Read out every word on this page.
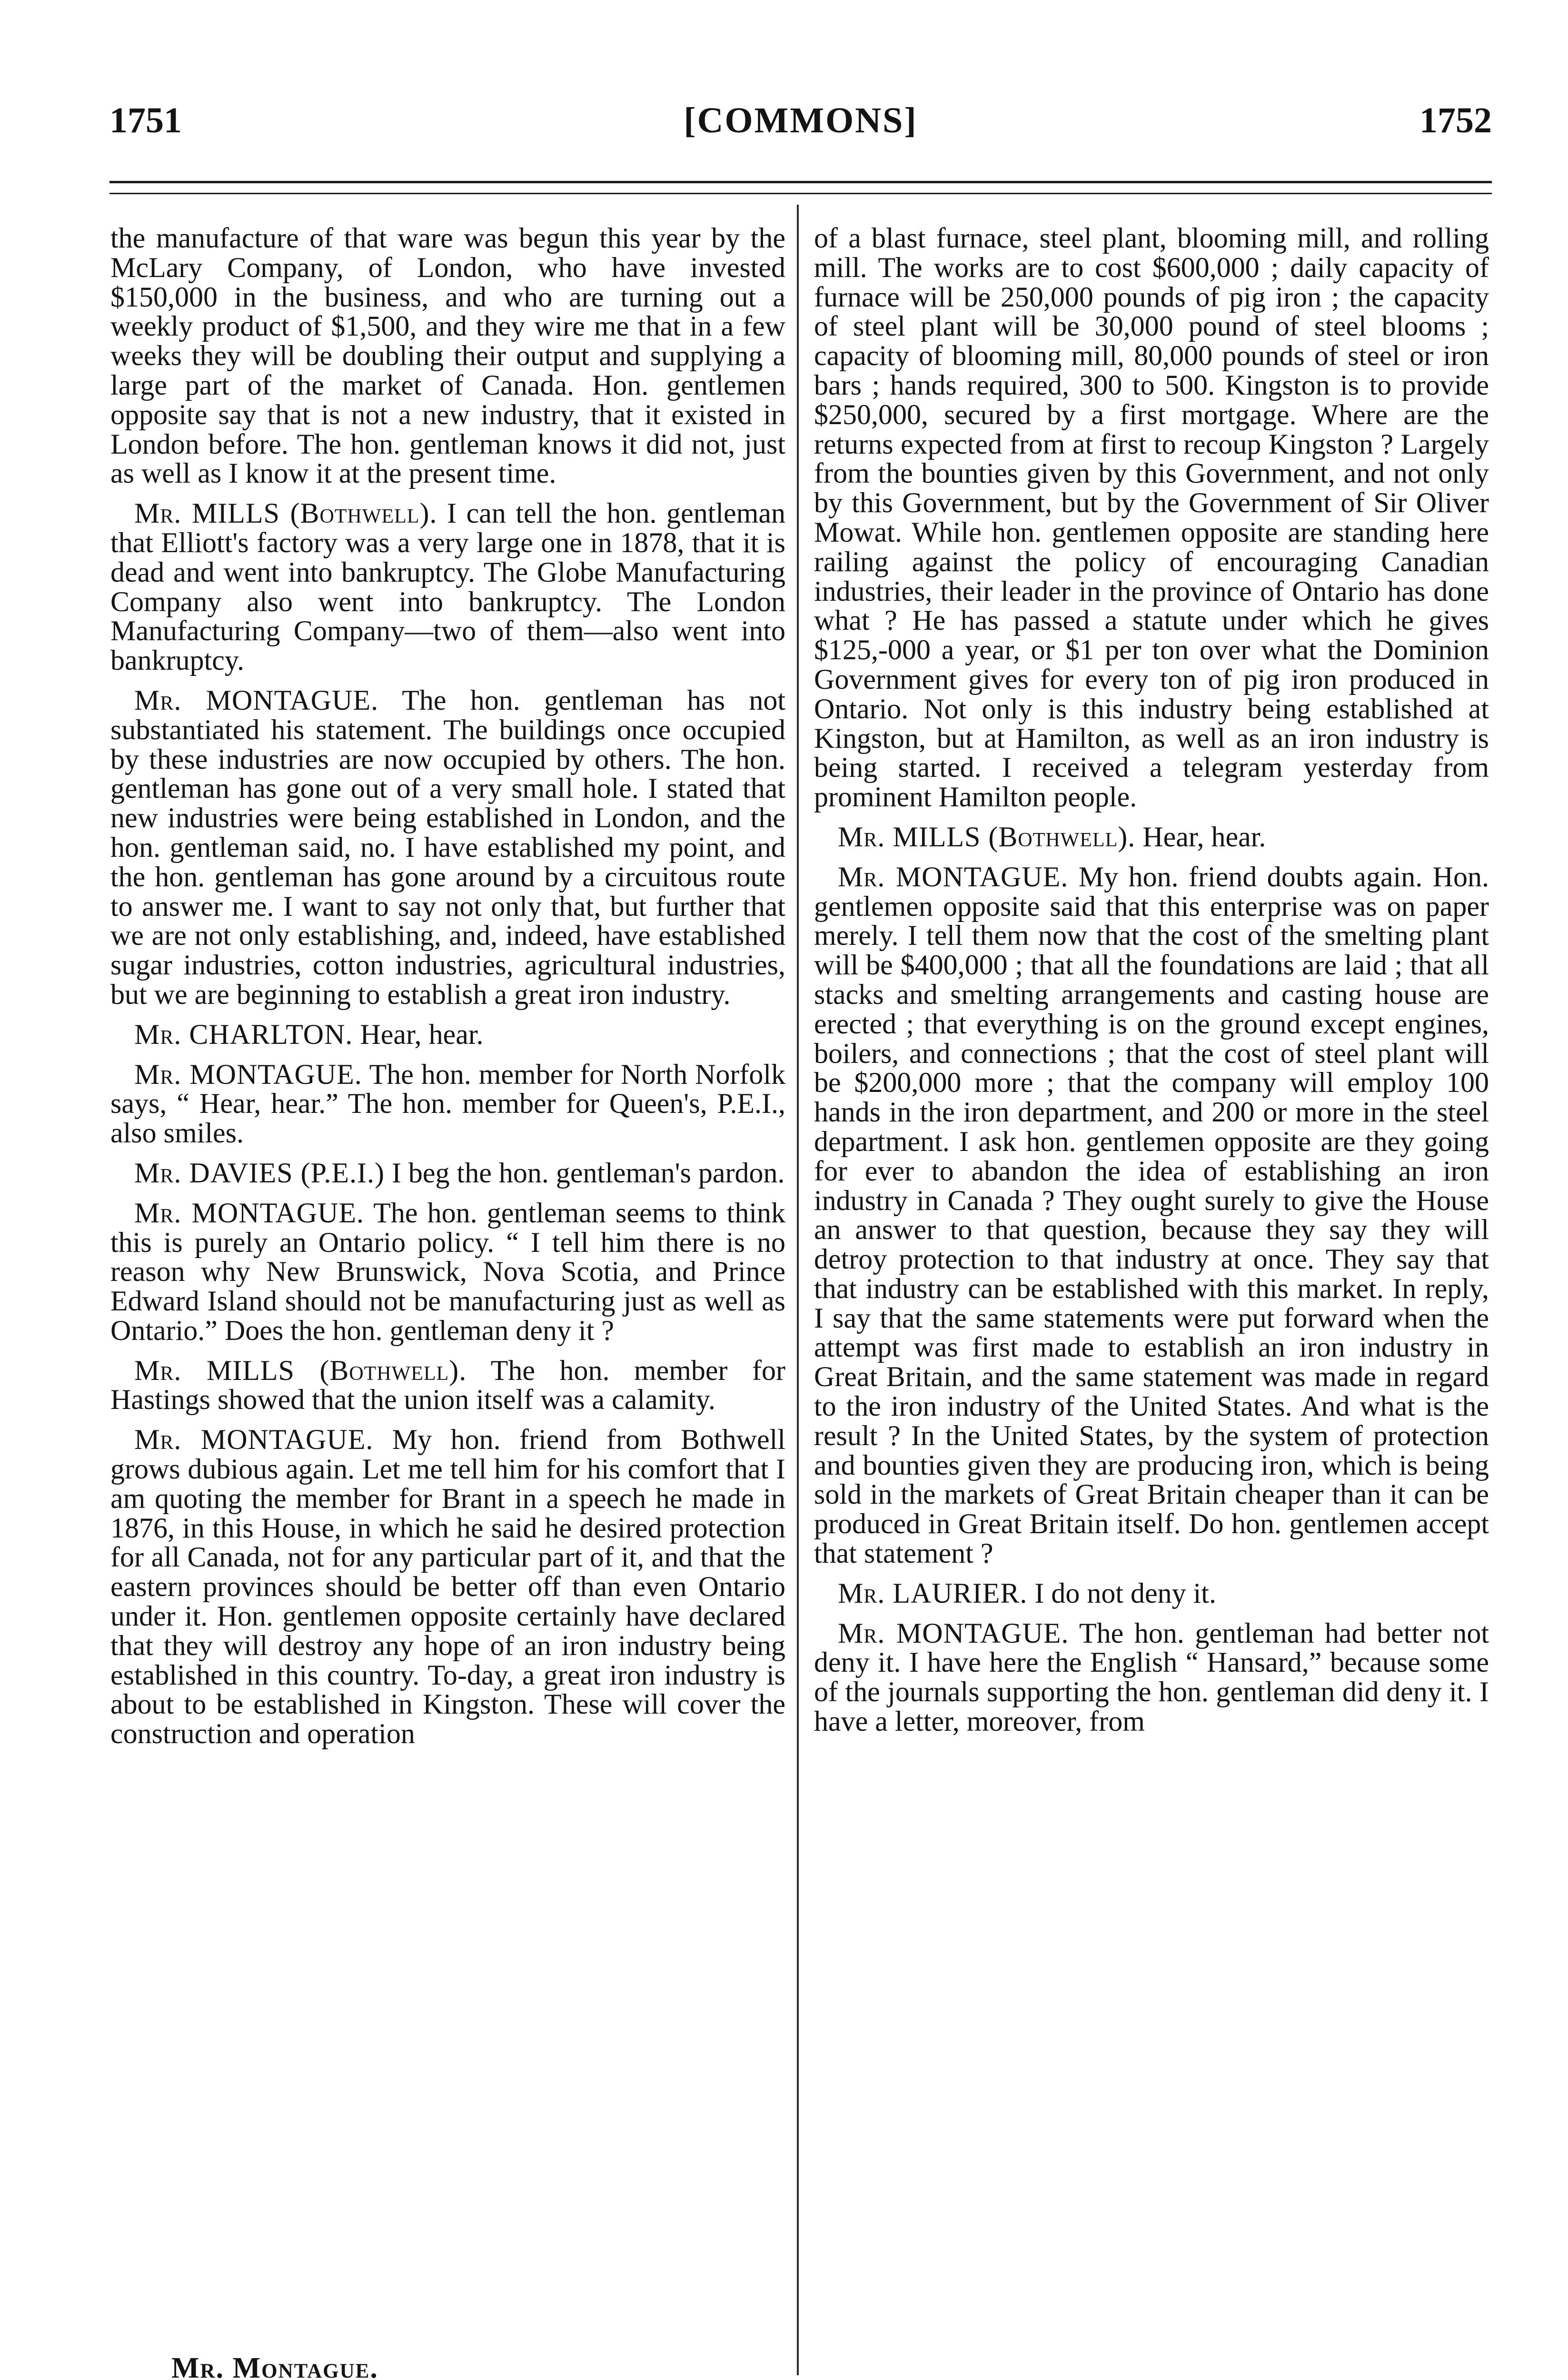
1751	[COMMONS]	1752

the manufacture of that ware was begun this year by the McLary Company, of London, who have invested $150,000 in the business, and who are turning out a weekly product of $1,500, and they wire me that in a few weeks they will be doubling their output and supplying a large part of the market of Canada. Hon. gentlemen opposite say that is not a new industry, that it existed in London before. The hon. gentleman knows it did not, just as well as I know it at the present time.

Mr. MILLS (Bothwell). I can tell the hon. gentleman that Elliott's factory was a very large one in 1878, that it is dead and went into bankruptcy. The Globe Manufacturing Company also went into bankruptcy. The London Manufacturing Company—two of them—also went into bankruptcy.

Mr. MONTAGUE. The hon. gentleman has not substantiated his statement. The buildings once occupied by these industries are now occupied by others. The hon. gentleman has gone out of a very small hole. I stated that new industries were being established in London, and the hon. gentleman said, no. I have established my point, and the hon. gentleman has gone around by a circuitous route to answer me. I want to say not only that, but further that we are not only establishing, and, indeed, have established sugar industries, cotton industries, agricultural industries, but we are beginning to establish a great iron industry.

Mr. CHARLTON. Hear, hear.

Mr. MONTAGUE. The hon. member for North Norfolk says, “ Hear, hear.” The hon. member for Queen's, P.E.I., also smiles.

Mr. DAVIES (P.E.I.) I beg the hon. gentleman's pardon.

Mr. MONTAGUE. The hon. gentleman seems to think this is purely an Ontario policy. “ I tell him there is no reason why New Brunswick, Nova Scotia, and Prince Edward Island should not be manufacturing just as well as Ontario.” Does the hon. gentleman deny it ?

Mr. MILLS (Bothwell). The hon. member for Hastings showed that the union itself was a calamity.

Mr. MONTAGUE. My hon. friend from Bothwell grows dubious again. Let me tell him for his comfort that I am quoting the member for Brant in a speech he made in 1876, in this House, in which he said he desired protection for all Canada, not for any particular part of it, and that the eastern provinces should be better off than even Ontario under it. Hon. gentlemen opposite certainly have declared that they will destroy any hope of an iron industry being established in this country. To-day, a great iron industry is about to be established in Kingston. These will cover the construction and operation

of a blast furnace, steel plant, blooming mill, and rolling mill. The works are to cost $600,000 ; daily capacity of furnace will be 250,000 pounds of pig iron ; the capacity of steel plant will be 30,000 pound of steel blooms ; capacity of blooming mill, 80,000 pounds of steel or iron bars ; hands required, 300 to 500. Kingston is to provide $250,000, secured by a first mortgage. Where are the returns expected from at first to recoup Kingston ? Largely from the bounties given by this Government, and not only by this Government, but by the Government of Sir Oliver Mowat. While hon. gentlemen opposite are standing here railing against the policy of encouraging Canadian industries, their leader in the province of Ontario has done what ? He has passed a statute under which he gives $125,-000 a year, or $1 per ton over what the Dominion Government gives for every ton of pig iron produced in Ontario. Not only is this industry being established at Kingston, but at Hamilton, as well as an iron industry is being started. I received a telegram yesterday from prominent Hamilton people.

Mr. MILLS (Bothwell). Hear, hear.

Mr. MONTAGUE. My hon. friend doubts again. Hon. gentlemen opposite said that this enterprise was on paper merely. I tell them now that the cost of the smelting plant will be $400,000 ; that all the foundations are laid ; that all stacks and smelting arrangements and casting house are erected ; that everything is on the ground except engines, boilers, and connections ; that the cost of steel plant will be $200,000 more ; that the company will employ 100 hands in the iron department, and 200 or more in the steel department. I ask hon. gentlemen opposite are they going for ever to abandon the idea of establishing an iron industry in Canada ? They ought surely to give the House an answer to that question, because they say they will detroy protection to that industry at once. They say that that industry can be established with this market. In reply, I say that the same statements were put forward when the attempt was first made to establish an iron industry in Great Britain, and the same statement was made in regard to the iron industry of the United States. And what is the result ? In the United States, by the system of protection and bounties given they are producing iron, which is being sold in the markets of Great Britain cheaper than it can be produced in Great Britain itself. Do hon. gentlemen accept that statement ?

Mr. LAURIER. I do not deny it.

Mr. MONTAGUE. The hon. gentleman had better not deny it. I have here the English “ Hansard,” because some of the journals supporting the hon. gentleman did deny it. I have a letter, moreover, from

Mr. Montague.
